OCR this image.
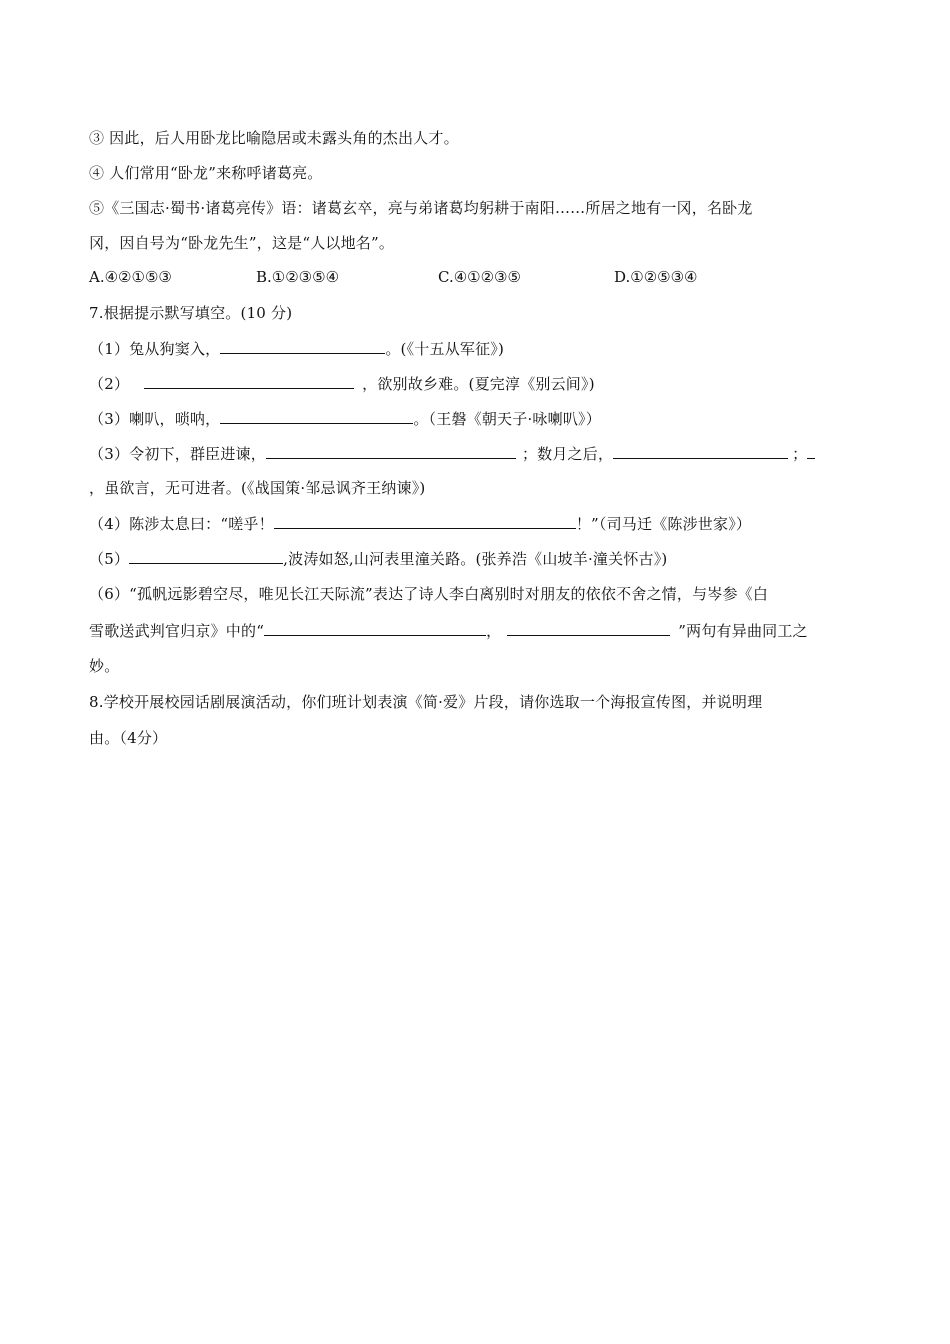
③ 因此，后人用卧龙比喻隐居或未露头角的杰出人才。
④ 人们常用“卧龙”来称呼诸葛亮。
⑤《三国志·蜀书·诸葛亮传》语：诸葛玄卒，亮与弟诸葛均躬耕于南阳……所居之地有一冈，名卧龙
冈，因自号为“卧龙先生”，这是“人以地名”。
A.④②①⑤③	B.①②③⑤④	C.④①②③⑤	D.①②⑤③④
7.根据提示默写填空。(10 分)
（1）兔从狗窦入，	。(《十五从军征》)
（2）	，欲别故乡难。(夏完淳《别云间》)
（3）喇叭，唢呐，	。（王磐《朝天子·咏喇叭》）
（3）令初下，群臣进谏，	；数月之后，	；
，虽欲言，无可进者。(《战国策·邹忌讽齐王纳谏》)
（4）陈涉太息曰：“嗟乎！	！”（司马迁《陈涉世家》）
（5）	,波涛如怒,山河表里潼关路。(张养浩《山坡羊·潼关怀古》)
（6）“孤帆远影碧空尽，唯见长江天际流”表达了诗人李白离别时对朋友的依依不舍之情，与岑参《白
雪歌送武判官归京》中的“	，	”两句有异曲同工之
妙。
8.学校开展校园话剧展演活动，你们班计划表演《简·爱》片段，请你选取一个海报宣传图，并说明理
由。（4分）
